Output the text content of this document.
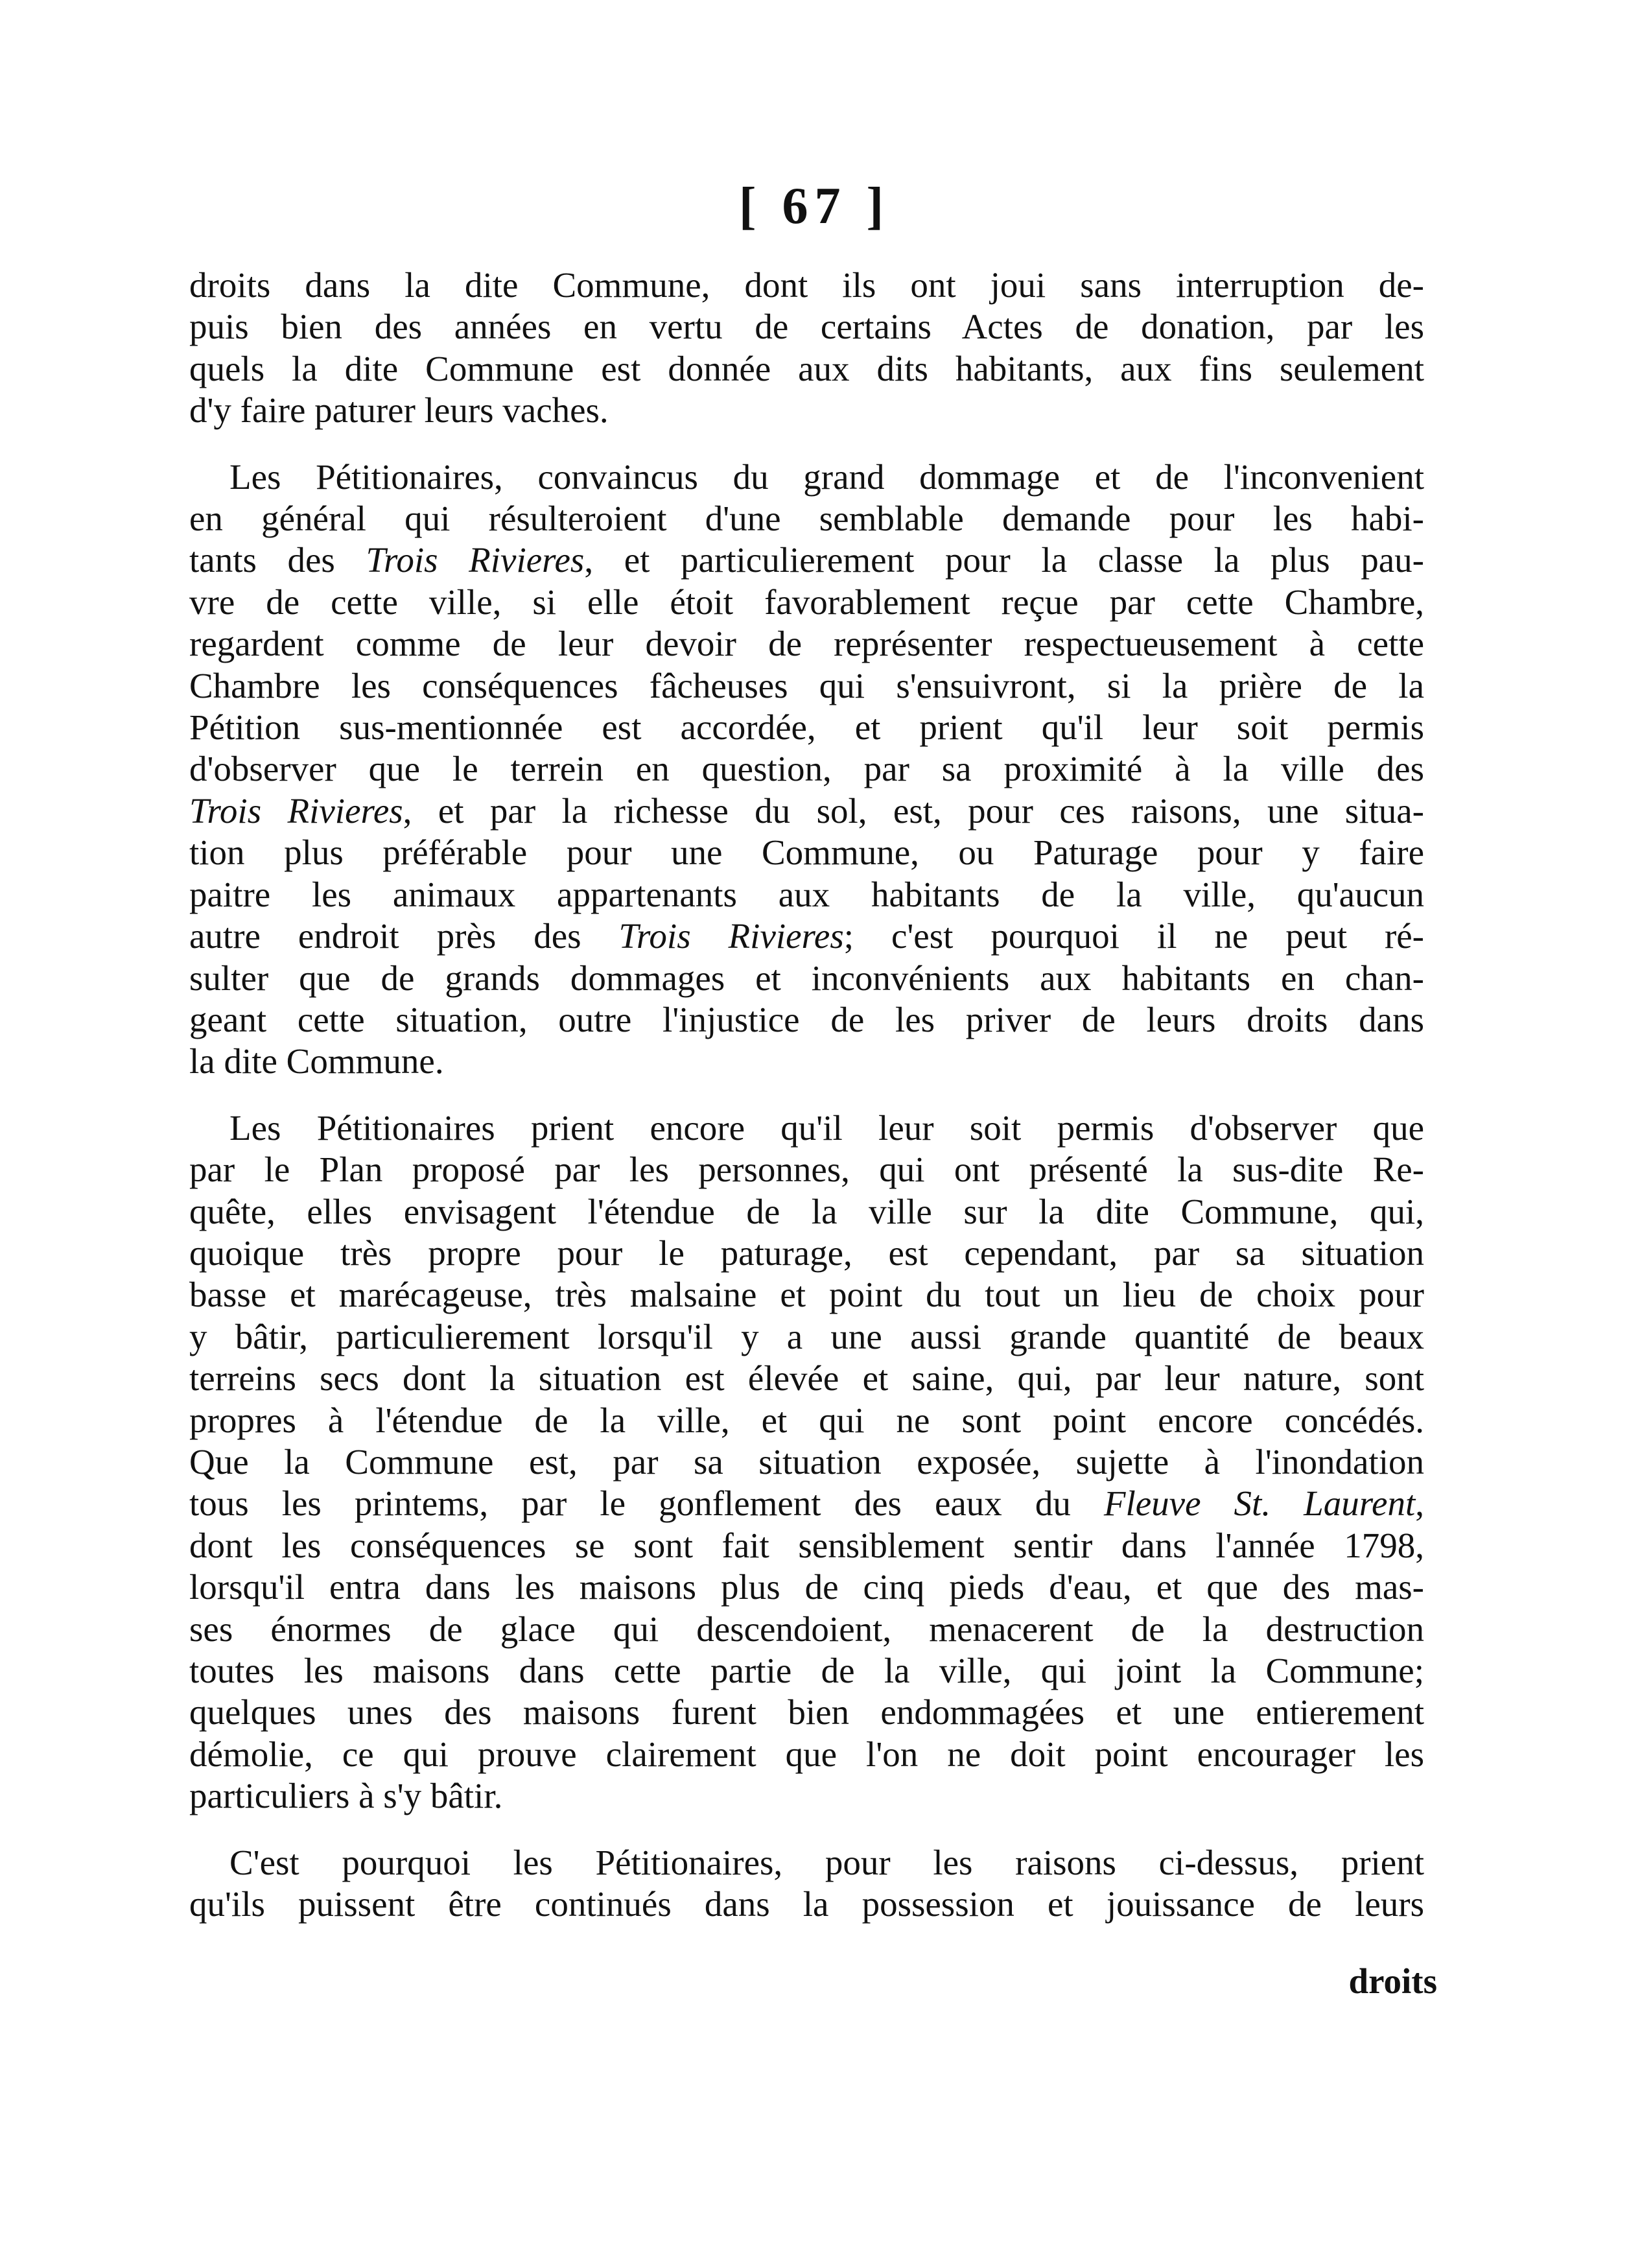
[ 67 ]
droits dans la dite Commune, dont ils ont joui sans interruption de-
puis bien des années en vertu de certains Actes de donation, par les
quels la dite Commune est donnée aux dits habitants, aux fins seulement
d'y faire paturer leurs vaches.
Les Pétitionaires, convaincus du grand dommage et de l'inconvenient
en général qui résulteroient d'une semblable demande pour les habi-
tants des Trois Rivieres, et particulierement pour la classe la plus pau-
vre de cette ville, si elle étoit favorablement reçue par cette Chambre,
regardent comme de leur devoir de représenter respectueusement à cette
Chambre les conséquences fâcheuses qui s'ensuivront, si la prière de la
Pétition sus-mentionnée est accordée, et prient qu'il leur soit permis
d'observer que le terrein en question, par sa proximité à la ville des
Trois Rivieres, et par la richesse du sol, est, pour ces raisons, une situa-
tion plus préférable pour une Commune, ou Paturage pour y faire
paitre les animaux appartenants aux habitants de la ville, qu'aucun
autre endroit près des Trois Rivieres; c'est pourquoi il ne peut ré-
sulter que de grands dommages et inconvénients aux habitants en chan-
geant cette situation, outre l'injustice de les priver de leurs droits dans
la dite Commune.
Les Pétitionaires prient encore qu'il leur soit permis d'observer que
par le Plan proposé par les personnes, qui ont présenté la sus-dite Re-
quête, elles envisagent l'étendue de la ville sur la dite Commune, qui,
quoique très propre pour le paturage, est cependant, par sa situation
basse et marécageuse, très malsaine et point du tout un lieu de choix pour
y bâtir, particulierement lorsqu'il y a une aussi grande quantité de beaux
terreins secs dont la situation est élevée et saine, qui, par leur nature, sont
propres à l'étendue de la ville, et qui ne sont point encore concédés.
Que la Commune est, par sa situation exposée, sujette à l'inondation
tous les printems, par le gonflement des eaux du Fleuve St. Laurent,
dont les conséquences se sont fait sensiblement sentir dans l'année 1798,
lorsqu'il entra dans les maisons plus de cinq pieds d'eau, et que des mas-
ses énormes de glace qui descendoient, menacerent de la destruction
toutes les maisons dans cette partie de la ville, qui joint la Commune;
quelques unes des maisons furent bien endommagées et une entierement
démolie, ce qui prouve clairement que l'on ne doit point encourager les
particuliers à s'y bâtir.
C'est pourquoi les Pétitionaires, pour les raisons ci-dessus, prient
qu'ils puissent être continués dans la possession et jouissance de leurs
droits
